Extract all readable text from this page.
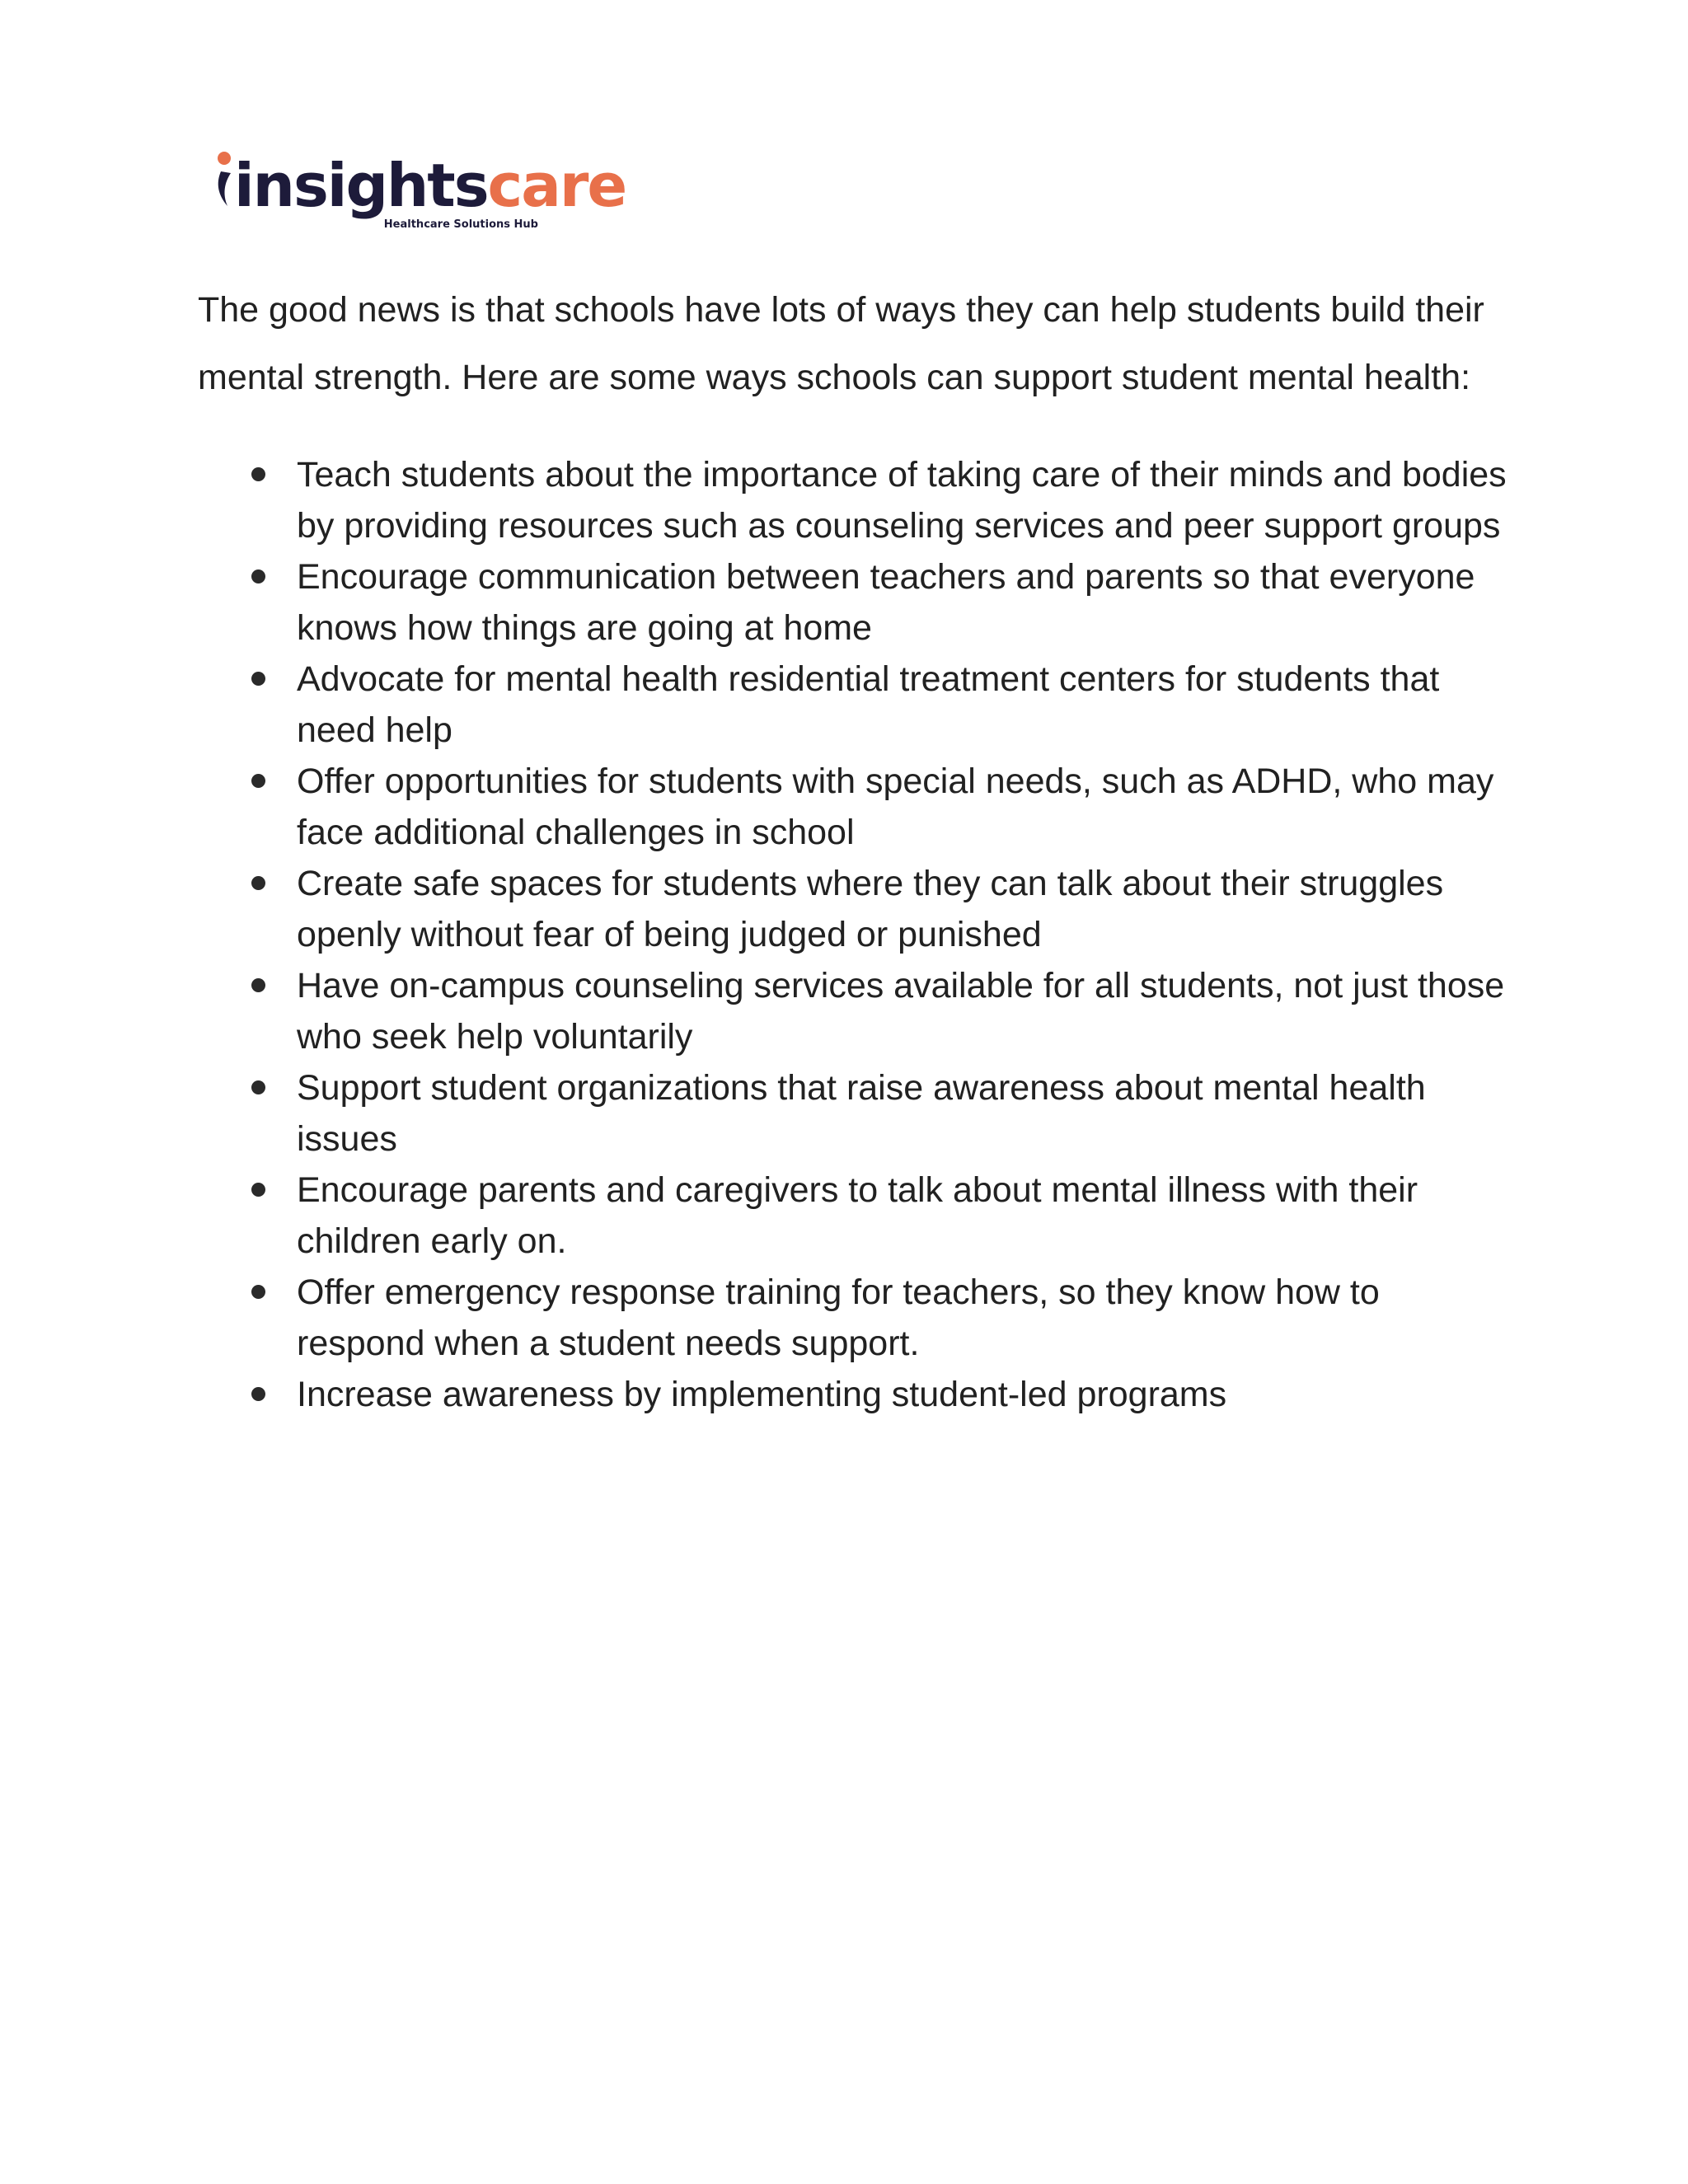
insightscare
Healthcare Solutions Hub

The good news is that schools have lots of ways they can help students build their mental strength. Here are some ways schools can support student mental health:

Teach students about the importance of taking care of their minds and bodies by providing resources such as counseling services and peer support groups
Encourage communication between teachers and parents so that everyone knows how things are going at home
Advocate for mental health residential treatment centers for students that need help
Offer opportunities for students with special needs, such as ADHD, who may face additional challenges in school
Create safe spaces for students where they can talk about their struggles openly without fear of being judged or punished
Have on-campus counseling services available for all students, not just those who seek help voluntarily
Support student organizations that raise awareness about mental health issues
Encourage parents and caregivers to talk about mental illness with their children early on.
Offer emergency response training for teachers, so they know how to respond when a student needs support.
Increase awareness by implementing student-led programs
